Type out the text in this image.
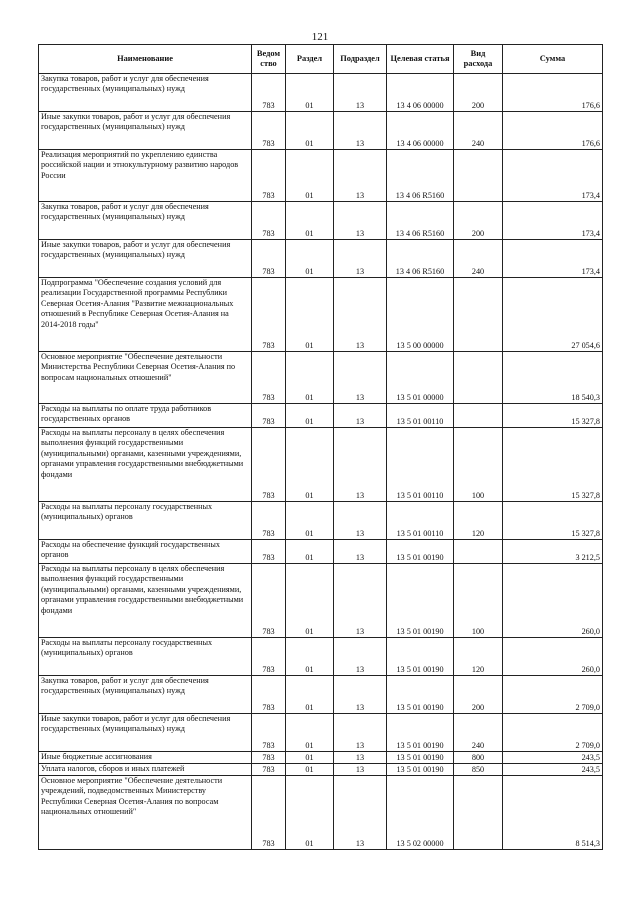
121
Наименование	Ведом ство	Раздел	Подраздел	Целевая статья	Вид расхода	Сумма
Закупка товаров, работ и услуг для обеспечения государственных (муниципальных) нужд	783	01	13	13 4 06 00000	200	176,6
Иные закупки товаров, работ и услуг для обеспечения государственных (муниципальных) нужд	783	01	13	13 4 06 00000	240	176,6
Реализация мероприятий по укреплению единства российской нации и этнокультурному развитию народов России	783	01	13	13 4 06 R5160		173,4
Закупка товаров, работ и услуг для обеспечения государственных (муниципальных) нужд	783	01	13	13 4 06 R5160	200	173,4
Иные закупки товаров, работ и услуг для обеспечения государственных (муниципальных) нужд	783	01	13	13 4 06 R5160	240	173,4
Подпрограмма "Обеспечение создания условий для реализации Государственной программы Республики Северная Осетия-Алания "Развитие межнациональных отношений в Республике Северная Осетия-Алания на 2014-2018 годы"	783	01	13	13 5 00 00000		27 054,6
Основное мероприятие "Обеспечение деятельности Министерства Республики Северная Осетия-Алания по вопросам национальных отношений"	783	01	13	13 5 01 00000		18 540,3
Расходы на выплаты по оплате труда работников государственных органов	783	01	13	13 5 01 00110		15 327,8
Расходы на выплаты персоналу в целях обеспечения выполнения функций государственными (муниципальными) органами, казенными учреждениями, органами управления государственными внебюджетными фондами	783	01	13	13 5 01 00110	100	15 327,8
Расходы на выплаты персоналу государственных (муниципальных) органов	783	01	13	13 5 01 00110	120	15 327,8
Расходы на обеспечение функций государственных органов	783	01	13	13 5 01 00190		3 212,5
Расходы на выплаты персоналу в целях обеспечения выполнения функций государственными (муниципальными) органами, казенными учреждениями, органами управления государственными внебюджетными фондами	783	01	13	13 5 01 00190	100	260,0
Расходы на выплаты персоналу государственных (муниципальных) органов	783	01	13	13 5 01 00190	120	260,0
Закупка товаров, работ и услуг для обеспечения государственных (муниципальных) нужд	783	01	13	13 5 01 00190	200	2 709,0
Иные закупки товаров, работ и услуг для обеспечения государственных (муниципальных) нужд	783	01	13	13 5 01 00190	240	2 709,0
Иные бюджетные ассигнования	783	01	13	13 5 01 00190	800	243,5
Уплата налогов, сборов и иных платежей	783	01	13	13 5 01 00190	850	243,5
Основное мероприятие "Обеспечение деятельности учреждений, подведомственных Министерству Республики Северная Осетия-Алания по вопросам национальных отношений"	783	01	13	13 5 02 00000		8 514,3
